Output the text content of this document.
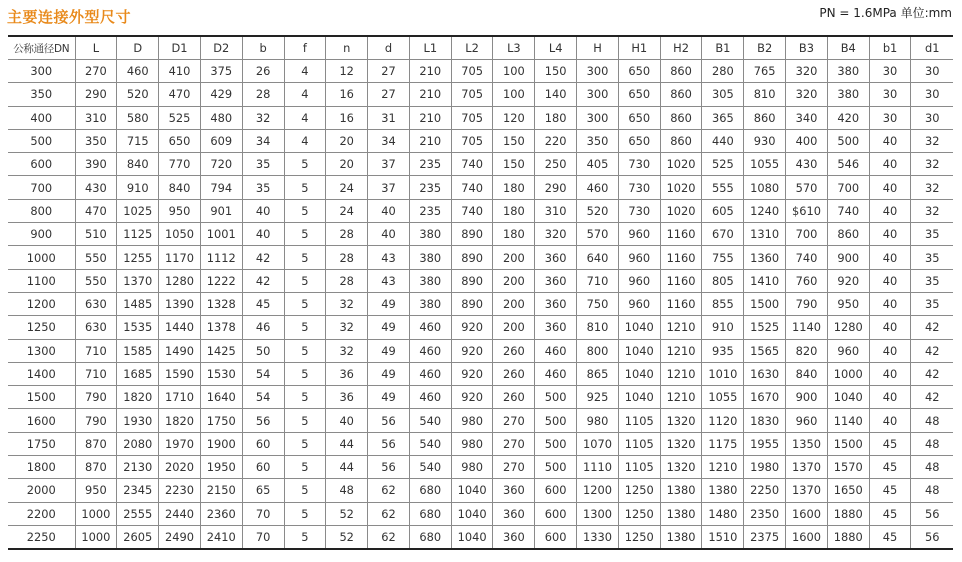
主要连接外型尺寸	PN = 1.6MPa 单位:mm
公称通径DN	L	D	D1	D2	b	f	n	d	L1	L2	L3	L4	H	H1	H2	B1	B2	B3	B4	b1	d1
300	270	460	410	375	26	4	12	27	210	705	100	150	300	650	860	280	765	320	380	30	30
350	290	520	470	429	28	4	16	27	210	705	100	140	300	650	860	305	810	320	380	30	30
400	310	580	525	480	32	4	16	31	210	705	120	180	300	650	860	365	860	340	420	30	30
500	350	715	650	609	34	4	20	34	210	705	150	220	350	650	860	440	930	400	500	40	32
600	390	840	770	720	35	5	20	37	235	740	150	250	405	730	1020	525	1055	430	546	40	32
700	430	910	840	794	35	5	24	37	235	740	180	290	460	730	1020	555	1080	570	700	40	32
800	470	1025	950	901	40	5	24	40	235	740	180	310	520	730	1020	605	1240	$610	740	40	32
900	510	1125	1050	1001	40	5	28	40	380	890	180	320	570	960	1160	670	1310	700	860	40	35
1000	550	1255	1170	1112	42	5	28	43	380	890	200	360	640	960	1160	755	1360	740	900	40	35
1100	550	1370	1280	1222	42	5	28	43	380	890	200	360	710	960	1160	805	1410	760	920	40	35
1200	630	1485	1390	1328	45	5	32	49	380	890	200	360	750	960	1160	855	1500	790	950	40	35
1250	630	1535	1440	1378	46	5	32	49	460	920	200	360	810	1040	1210	910	1525	1140	1280	40	42
1300	710	1585	1490	1425	50	5	32	49	460	920	260	460	800	1040	1210	935	1565	820	960	40	42
1400	710	1685	1590	1530	54	5	36	49	460	920	260	460	865	1040	1210	1010	1630	840	1000	40	42
1500	790	1820	1710	1640	54	5	36	49	460	920	260	500	925	1040	1210	1055	1670	900	1040	40	42
1600	790	1930	1820	1750	56	5	40	56	540	980	270	500	980	1105	1320	1120	1830	960	1140	40	48
1750	870	2080	1970	1900	60	5	44	56	540	980	270	500	1070	1105	1320	1175	1955	1350	1500	45	48
1800	870	2130	2020	1950	60	5	44	56	540	980	270	500	1110	1105	1320	1210	1980	1370	1570	45	48
2000	950	2345	2230	2150	65	5	48	62	680	1040	360	600	1200	1250	1380	1380	2250	1370	1650	45	48
2200	1000	2555	2440	2360	70	5	52	62	680	1040	360	600	1300	1250	1380	1480	2350	1600	1880	45	56
2250	1000	2605	2490	2410	70	5	52	62	680	1040	360	600	1330	1250	1380	1510	2375	1600	1880	45	56
